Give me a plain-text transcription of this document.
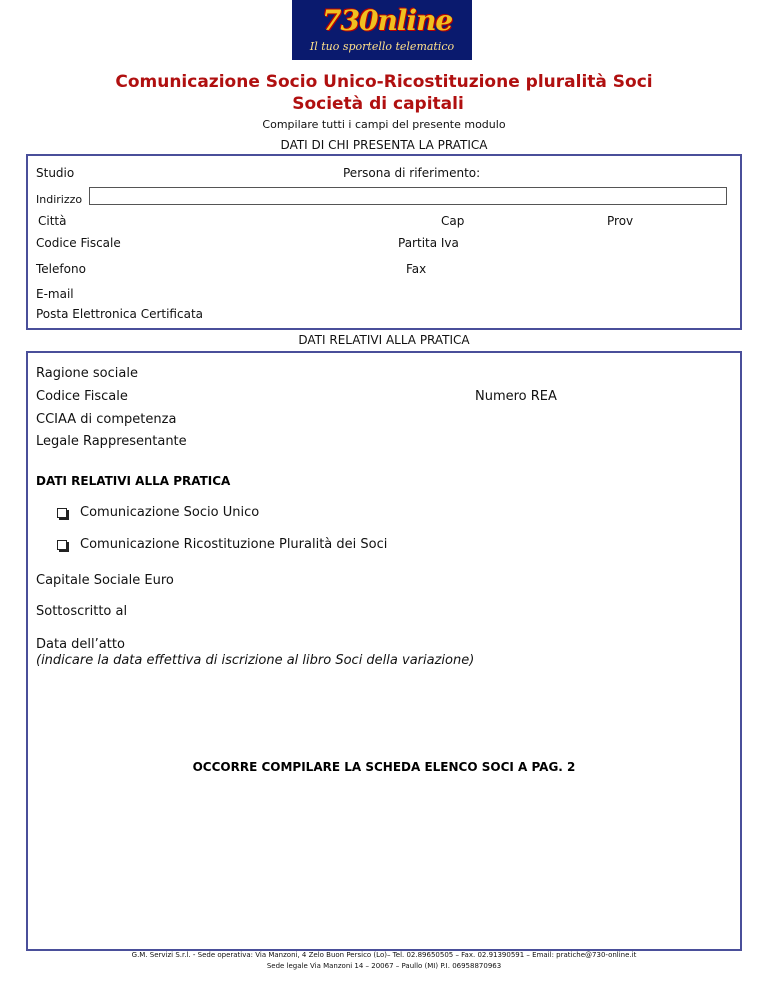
730nline
Il tuo sportello telematico
Comunicazione Socio Unico-Ricostituzione pluralità Soci
Società di capitali
Compilare tutti i campi del presente modulo
DATI DI CHI PRESENTA LA PRATICA
Studio	Persona di riferimento:
Indirizzo
Città	Cap	Prov
Codice Fiscale	Partita Iva
Telefono	Fax
E-mail
Posta Elettronica Certificata
DATI RELATIVI ALLA PRATICA
Ragione sociale
Codice Fiscale	Numero REA
CCIAA di competenza
Legale Rappresentante
DATI RELATIVI ALLA PRATICA
Comunicazione Socio Unico
Comunicazione Ricostituzione Pluralità dei Soci
Capitale Sociale Euro
Sottoscritto al
Data dell’atto
(indicare la data effettiva di iscrizione al libro Soci della variazione)
OCCORRE COMPILARE LA SCHEDA ELENCO SOCI A PAG. 2
G.M. Servizi S.r.l. - Sede operativa: Via Manzoni, 4 Zelo Buon Persico (Lo)– Tel. 02.89650505 – Fax. 02.91390591 – Email: pratiche@730-online.it
Sede legale Via Manzoni 14 – 20067 – Paullo (MI) P.I. 06958870963
